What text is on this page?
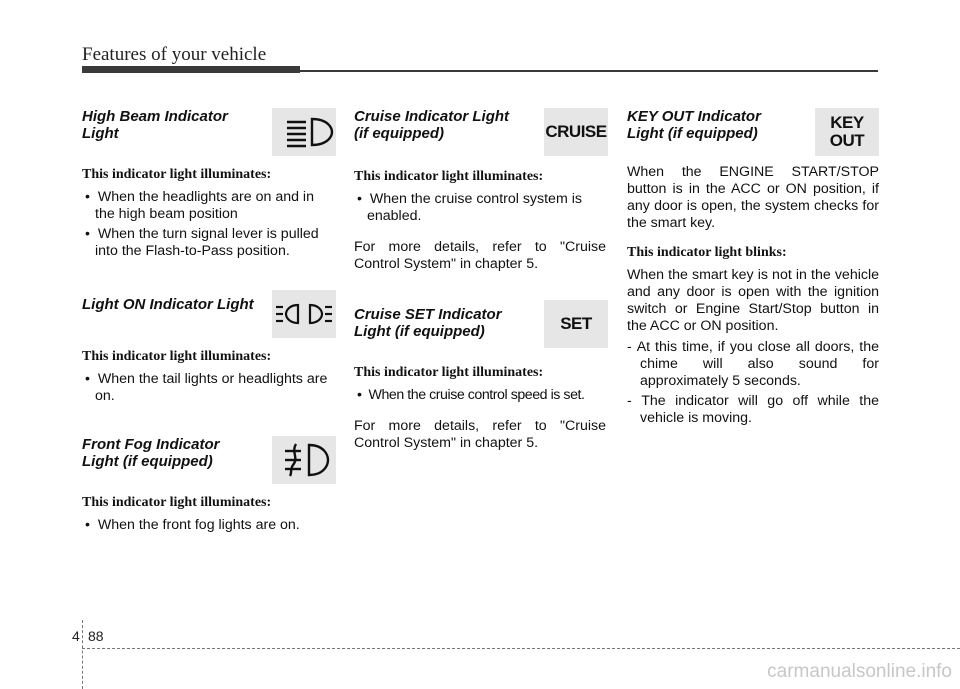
Features of your vehicle
High Beam Indicator Light

This indicator light illuminates:

•  When the headlights are on and in the high beam position
•  When the turn signal lever is pulled into the Flash-to-Pass position.
Light ON Indicator Light

This indicator light illuminates:

•  When the tail lights or headlights are on.
Front Fog Indicator Light (if equipped)

This indicator light illuminates:

•  When the front fog lights are on.
Cruise Indicator Light (if equipped)	CRUISE

This indicator light illuminates:

•  When the cruise control system is enabled.

For more details, refer to "Cruise Control System" in chapter 5.

Cruise SET Indicator Light (if equipped)	SET

This indicator light illuminates:

•  When the cruise control speed is set.

For more details, refer to "Cruise Control System" in chapter 5.

KEY OUT Indicator Light (if equipped)
KEY
OUT

When the ENGINE START/STOP button is in the ACC or ON position, if any door is open, the system checks for the smart key.

This indicator light blinks:

When the smart key is not in the vehicle and any door is open with the ignition switch or Engine Start/Stop button in the ACC or ON position.

- At this time, if you close all doors, the chime will also sound for approximately 5 seconds.
- The indicator will go off while the vehicle is moving.
4 88
carmanualsonline.info
